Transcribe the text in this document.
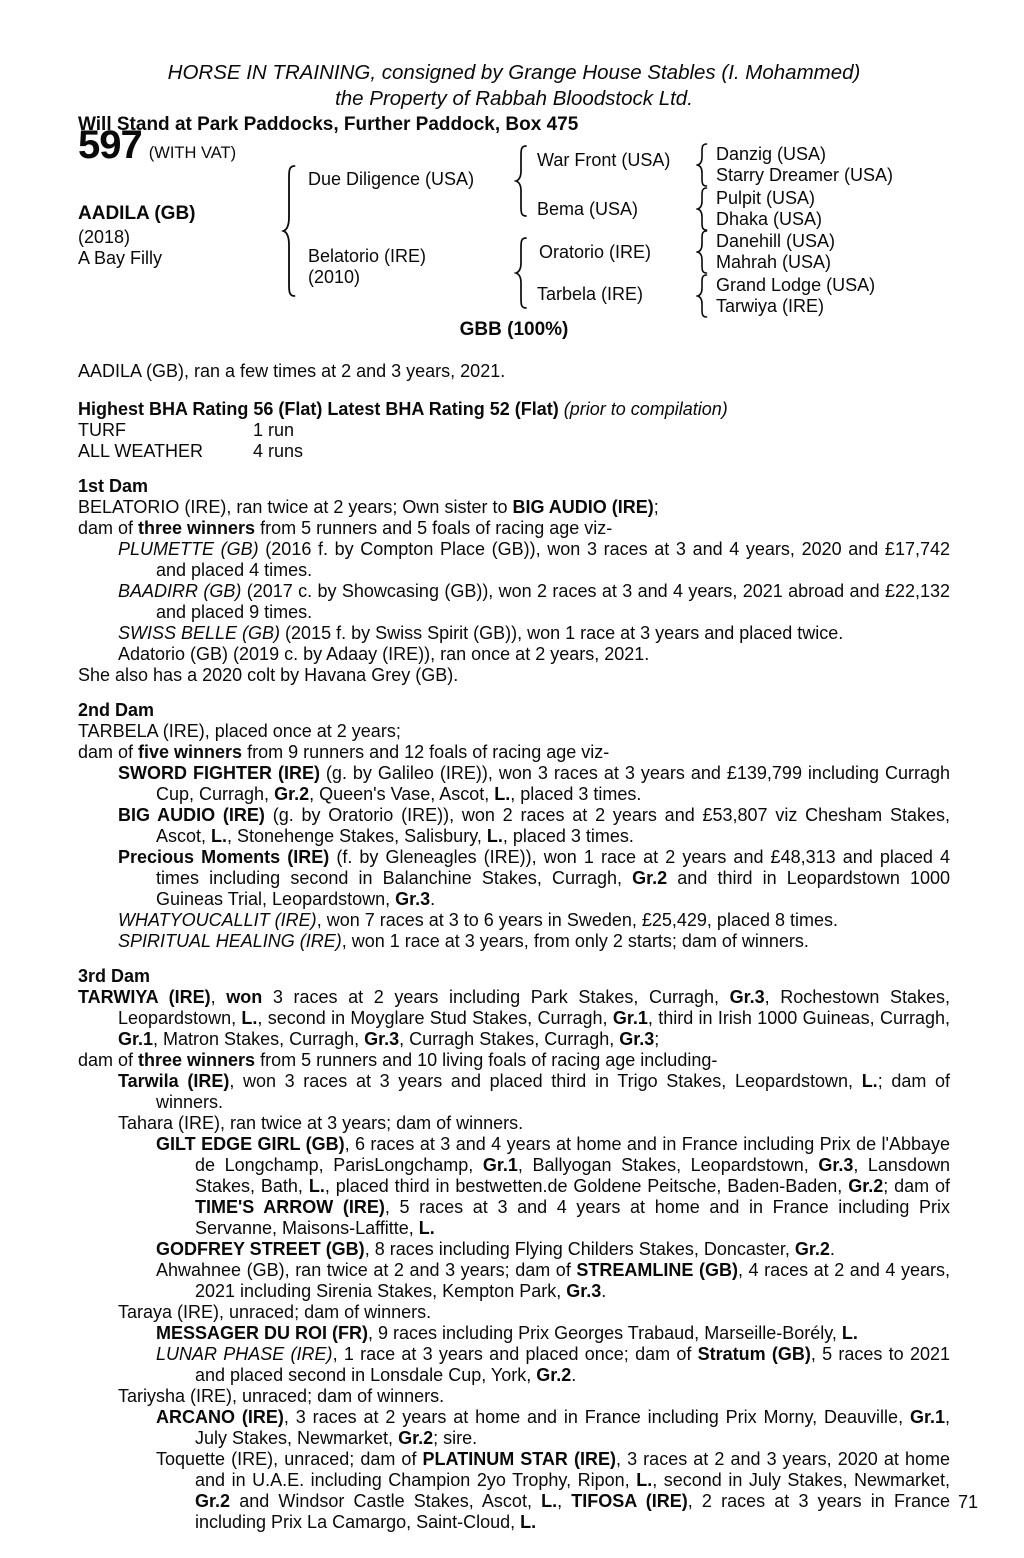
HORSE IN TRAINING, consigned by Grange House Stables (I. Mohammed)
the Property of Rabbah Bloodstock Ltd.
Will Stand at Park Paddocks, Further Paddock, Box 475
597 (WITH VAT)
AADILA (GB)
(2018)
A Bay Filly
Due Diligence (USA)
Belatorio (IRE)
(2010)
War Front (USA)
Bema (USA)
Oratorio (IRE)
Tarbela (IRE)
Danzig (USA)
Starry Dreamer (USA)
Pulpit (USA)
Dhaka (USA)
Danehill (USA)
Mahrah (USA)
Grand Lodge (USA)
Tarwiya (IRE)
GBB (100%)
AADILA (GB), ran a few times at 2 and 3 years, 2021.
Highest BHA Rating 56 (Flat) Latest BHA Rating 52 (Flat) (prior to compilation)
TURF	1 run
ALL WEATHER	4 runs
1st Dam
BELATORIO (IRE), ran twice at 2 years; Own sister to BIG AUDIO (IRE);
dam of three winners from 5 runners and 5 foals of racing age viz-
PLUMETTE (GB) (2016 f. by Compton Place (GB)), won 3 races at 3 and 4 years, 2020 and £17,742 and placed 4 times.
BAADIRR (GB) (2017 c. by Showcasing (GB)), won 2 races at 3 and 4 years, 2021 abroad and £22,132 and placed 9 times.
SWISS BELLE (GB) (2015 f. by Swiss Spirit (GB)), won 1 race at 3 years and placed twice.
Adatorio (GB) (2019 c. by Adaay (IRE)), ran once at 2 years, 2021.
She also has a 2020 colt by Havana Grey (GB).
2nd Dam
TARBELA (IRE), placed once at 2 years;
dam of five winners from 9 runners and 12 foals of racing age viz-
SWORD FIGHTER (IRE) (g. by Galileo (IRE)), won 3 races at 3 years and £139,799 including Curragh Cup, Curragh, Gr.2, Queen's Vase, Ascot, L., placed 3 times.
BIG AUDIO (IRE) (g. by Oratorio (IRE)), won 2 races at 2 years and £53,807 viz Chesham Stakes, Ascot, L., Stonehenge Stakes, Salisbury, L., placed 3 times.
Precious Moments (IRE) (f. by Gleneagles (IRE)), won 1 race at 2 years and £48,313 and placed 4 times including second in Balanchine Stakes, Curragh, Gr.2 and third in Leopardstown 1000 Guineas Trial, Leopardstown, Gr.3.
WHATYOUCALLIT (IRE), won 7 races at 3 to 6 years in Sweden, £25,429, placed 8 times.
SPIRITUAL HEALING (IRE), won 1 race at 3 years, from only 2 starts; dam of winners.
3rd Dam
TARWIYA (IRE), won 3 races at 2 years including Park Stakes, Curragh, Gr.3, Rochestown Stakes, Leopardstown, L., second in Moyglare Stud Stakes, Curragh, Gr.1, third in Irish 1000 Guineas, Curragh, Gr.1, Matron Stakes, Curragh, Gr.3, Curragh Stakes, Curragh, Gr.3;
dam of three winners from 5 runners and 10 living foals of racing age including-
Tarwila (IRE), won 3 races at 3 years and placed third in Trigo Stakes, Leopardstown, L.; dam of winners.
Tahara (IRE), ran twice at 3 years; dam of winners.
GILT EDGE GIRL (GB), 6 races at 3 and 4 years at home and in France including Prix de l'Abbaye de Longchamp, ParisLongchamp, Gr.1, Ballyogan Stakes, Leopardstown, Gr.3, Lansdown Stakes, Bath, L., placed third in bestwetten.de Goldene Peitsche, Baden-Baden, Gr.2; dam of TIME'S ARROW (IRE), 5 races at 3 and 4 years at home and in France including Prix Servanne, Maisons-Laffitte, L.
GODFREY STREET (GB), 8 races including Flying Childers Stakes, Doncaster, Gr.2.
Ahwahnee (GB), ran twice at 2 and 3 years; dam of STREAMLINE (GB), 4 races at 2 and 4 years, 2021 including Sirenia Stakes, Kempton Park, Gr.3.
Taraya (IRE), unraced; dam of winners.
MESSAGER DU ROI (FR), 9 races including Prix Georges Trabaud, Marseille-Borély, L.
LUNAR PHASE (IRE), 1 race at 3 years and placed once; dam of Stratum (GB), 5 races to 2021 and placed second in Lonsdale Cup, York, Gr.2.
Tariysha (IRE), unraced; dam of winners.
ARCANO (IRE), 3 races at 2 years at home and in France including Prix Morny, Deauville, Gr.1, July Stakes, Newmarket, Gr.2; sire.
Toquette (IRE), unraced; dam of PLATINUM STAR (IRE), 3 races at 2 and 3 years, 2020 at home and in U.A.E. including Champion 2yo Trophy, Ripon, L., second in July Stakes, Newmarket, Gr.2 and Windsor Castle Stakes, Ascot, L., TIFOSA (IRE), 2 races at 3 years in France including Prix La Camargo, Saint-Cloud, L.
71
